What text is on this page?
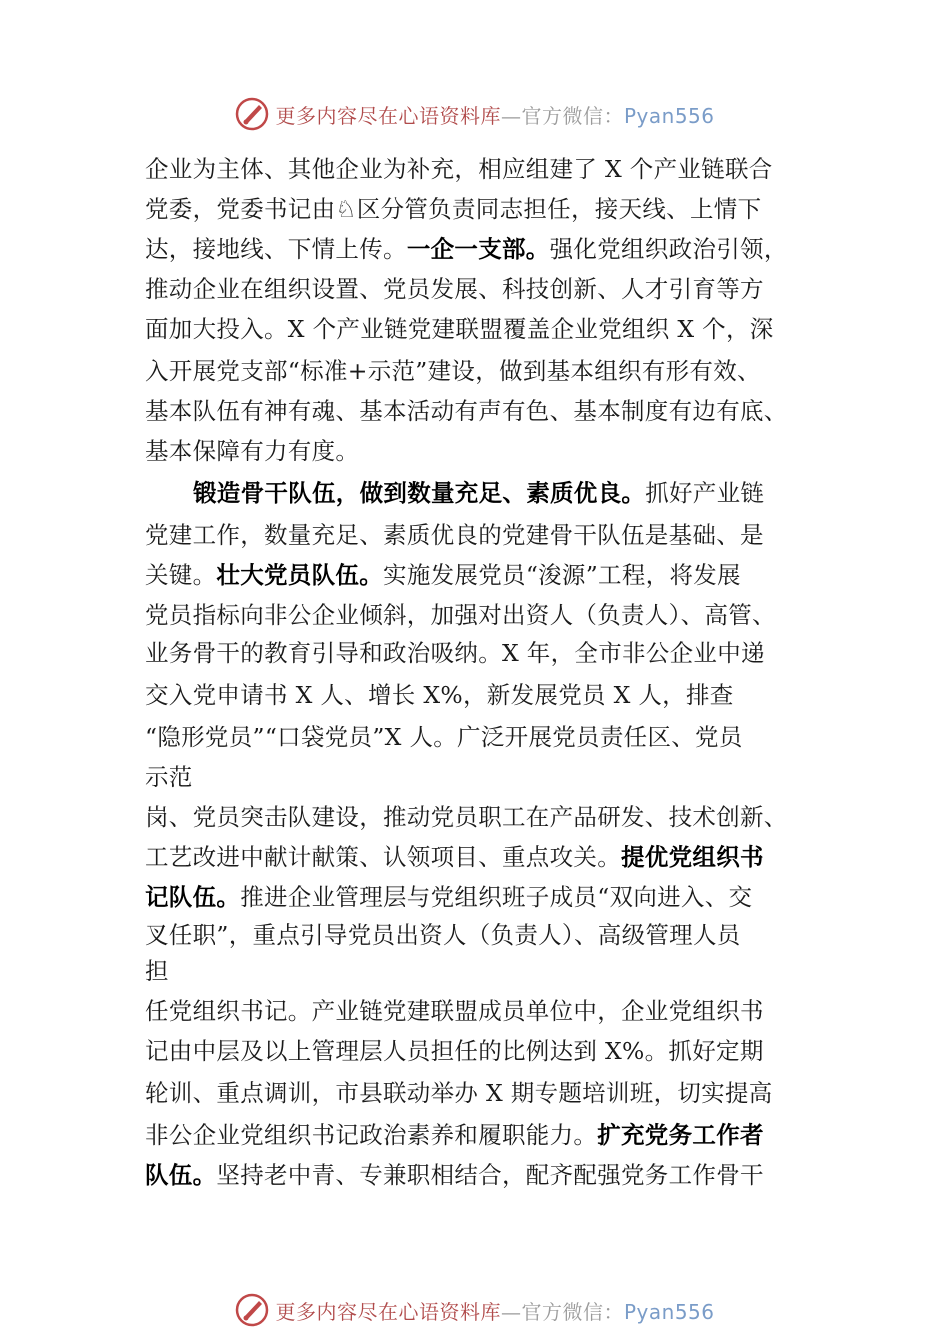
更多内容尽在心语资料库—官方微信：Pyan556
企业为主体、其他企业为补充，相应组建了 X 个产业链联合
党委，党委书记由♘区分管负责同志担任，接天线、上情下
达，接地线、下情上传。一企一支部。强化党组织政治引领，
推动企业在组织设置、党员发展、科技创新、人才引育等方
面加大投入。X 个产业链党建联盟覆盖企业党组织 X 个，深
入开展党支部“标准+示范”建设，做到基本组织有形有效、
基本队伍有神有魂、基本活动有声有色、基本制度有边有底、
基本保障有力有度。
锻造骨干队伍，做到数量充足、素质优良。抓好产业链
党建工作，数量充足、素质优良的党建骨干队伍是基础、是
关键。壮大党员队伍。实施发展党员“浚源”工程，将发展
党员指标向非公企业倾斜，加强对出资人（负责人）、高管、
业务骨干的教育引导和政治吸纳。X 年，全市非公企业中递
交入党申请书 X 人、增长 X%，新发展党员 X 人，排查
“隐形党员”“口袋党员”X 人。广泛开展党员责任区、党员
示范
岗、党员突击队建设，推动党员职工在产品研发、技术创新、
工艺改进中献计献策、认领项目、重点攻关。提优党组织书
记队伍。推进企业管理层与党组织班子成员“双向进入、交
叉任职”，重点引导党员出资人（负责人）、高级管理人员
担
任党组织书记。产业链党建联盟成员单位中，企业党组织书
记由中层及以上管理层人员担任的比例达到 X%。抓好定期
轮训、重点调训，市县联动举办 X 期专题培训班，切实提高
非公企业党组织书记政治素养和履职能力。扩充党务工作者
队伍。坚持老中青、专兼职相结合，配齐配强党务工作骨干
更多内容尽在心语资料库—官方微信：Pyan556
